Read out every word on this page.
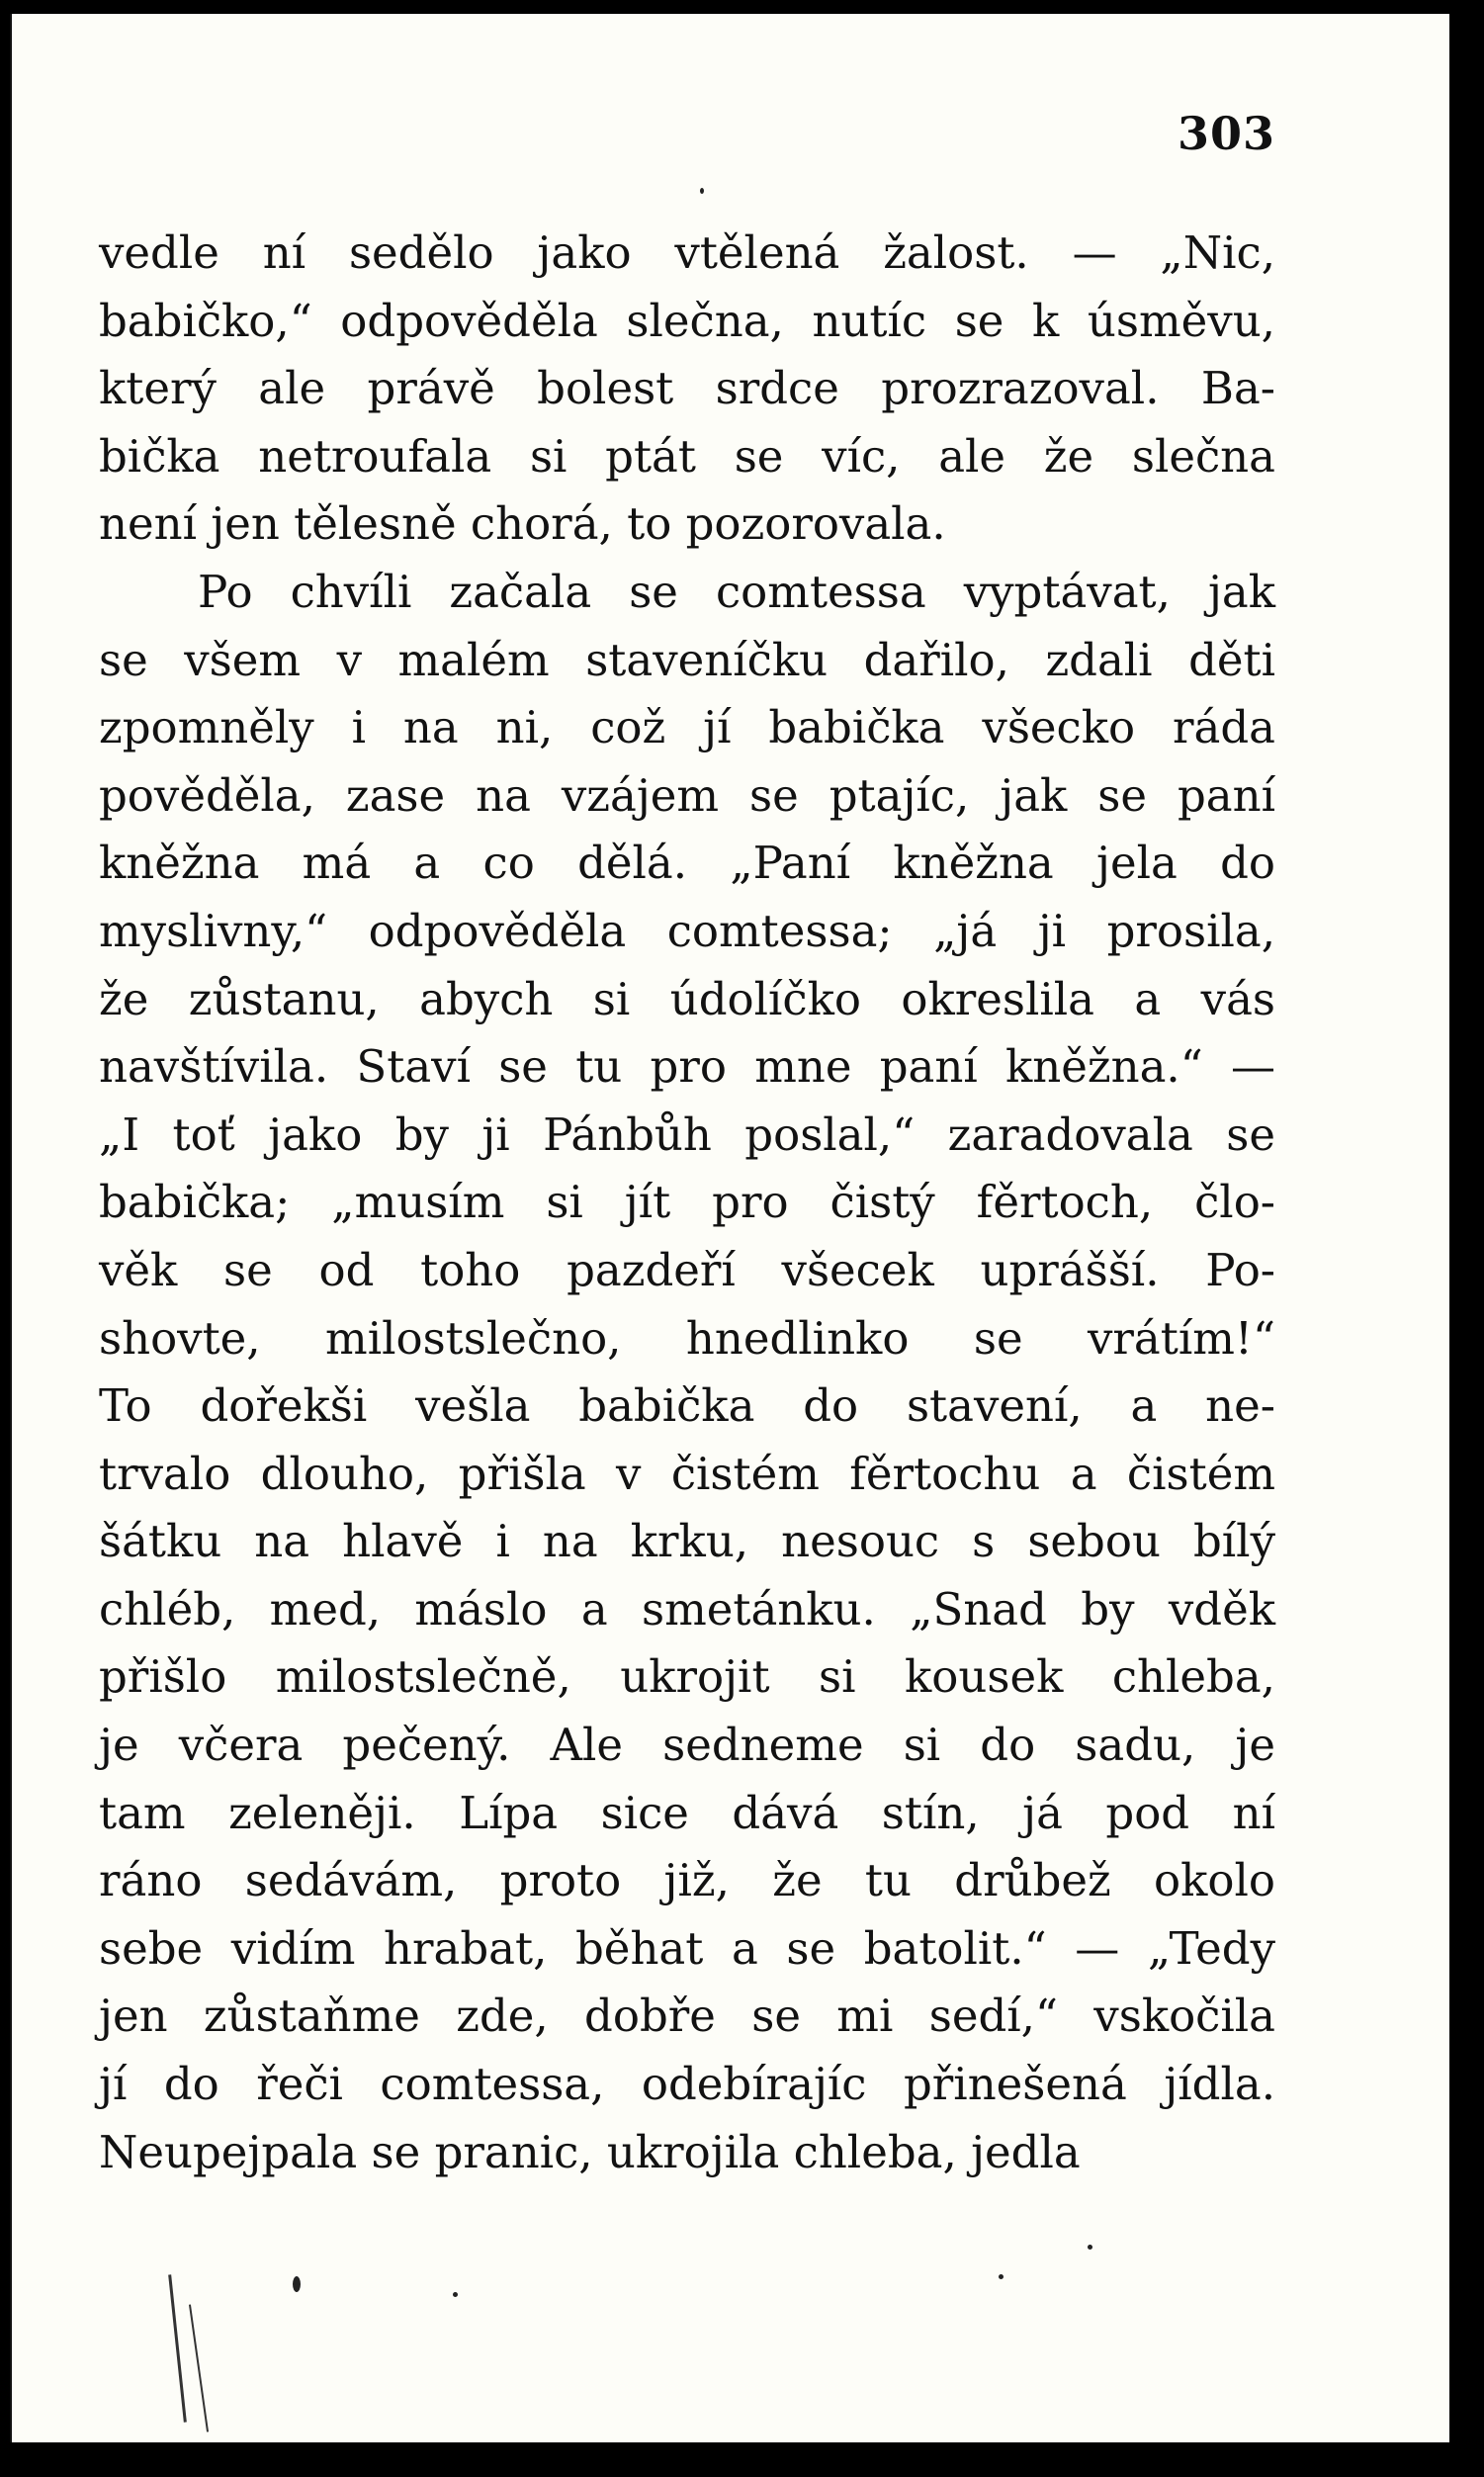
303
vedle ní sedělo jako vtělená žalost. — „Nic,
babičko,“ odpověděla slečna, nutíc se k úsměvu,
který ale právě bolest srdce prozrazoval. Ba-
bička netroufala si ptát se víc, ale že slečna
není jen tělesně chorá, to pozorovala.
Po chvíli začala se comtessa vyptávat, jak
se všem v malém staveníčku dařilo, zdali děti
zpomněly i na ni, což jí babička všecko ráda
pověděla, zase na vzájem se ptajíc, jak se paní
kněžna má a co dělá. „Paní kněžna jela do
myslivny,“ odpověděla comtessa; „já ji prosila,
že zůstanu, abych si údolíčko okreslila a vás
navštívila. Staví se tu pro mne paní kněžna.“ —
„I toť jako by ji Pánbůh poslal,“ zaradovala se
babička; „musím si jít pro čistý fěrtoch, člo-
věk se od toho pazdeří všecek uprášší. Po-
shovte, milostslečno, hnedlinko se vrátím!“
To dořekši vešla babička do stavení, a ne-
trvalo dlouho, přišla v čistém fěrtochu a čistém
šátku na hlavě i na krku, nesouc s sebou bílý
chléb, med, máslo a smetánku. „Snad by vděk
přišlo milostslečně, ukrojit si kousek chleba,
je včera pečený. Ale sedneme si do sadu, je
tam zeleněji. Lípa sice dává stín, já pod ní
ráno sedávám, proto již, že tu drůbež okolo
sebe vidím hrabat, běhat a se batolit.“ — „Tedy
jen zůstaňme zde, dobře se mi sedí,“ vskočila
jí do řeči comtessa, odebírajíc přinešená jídla.
Neupejpala se pranic, ukrojila chleba, jedla
